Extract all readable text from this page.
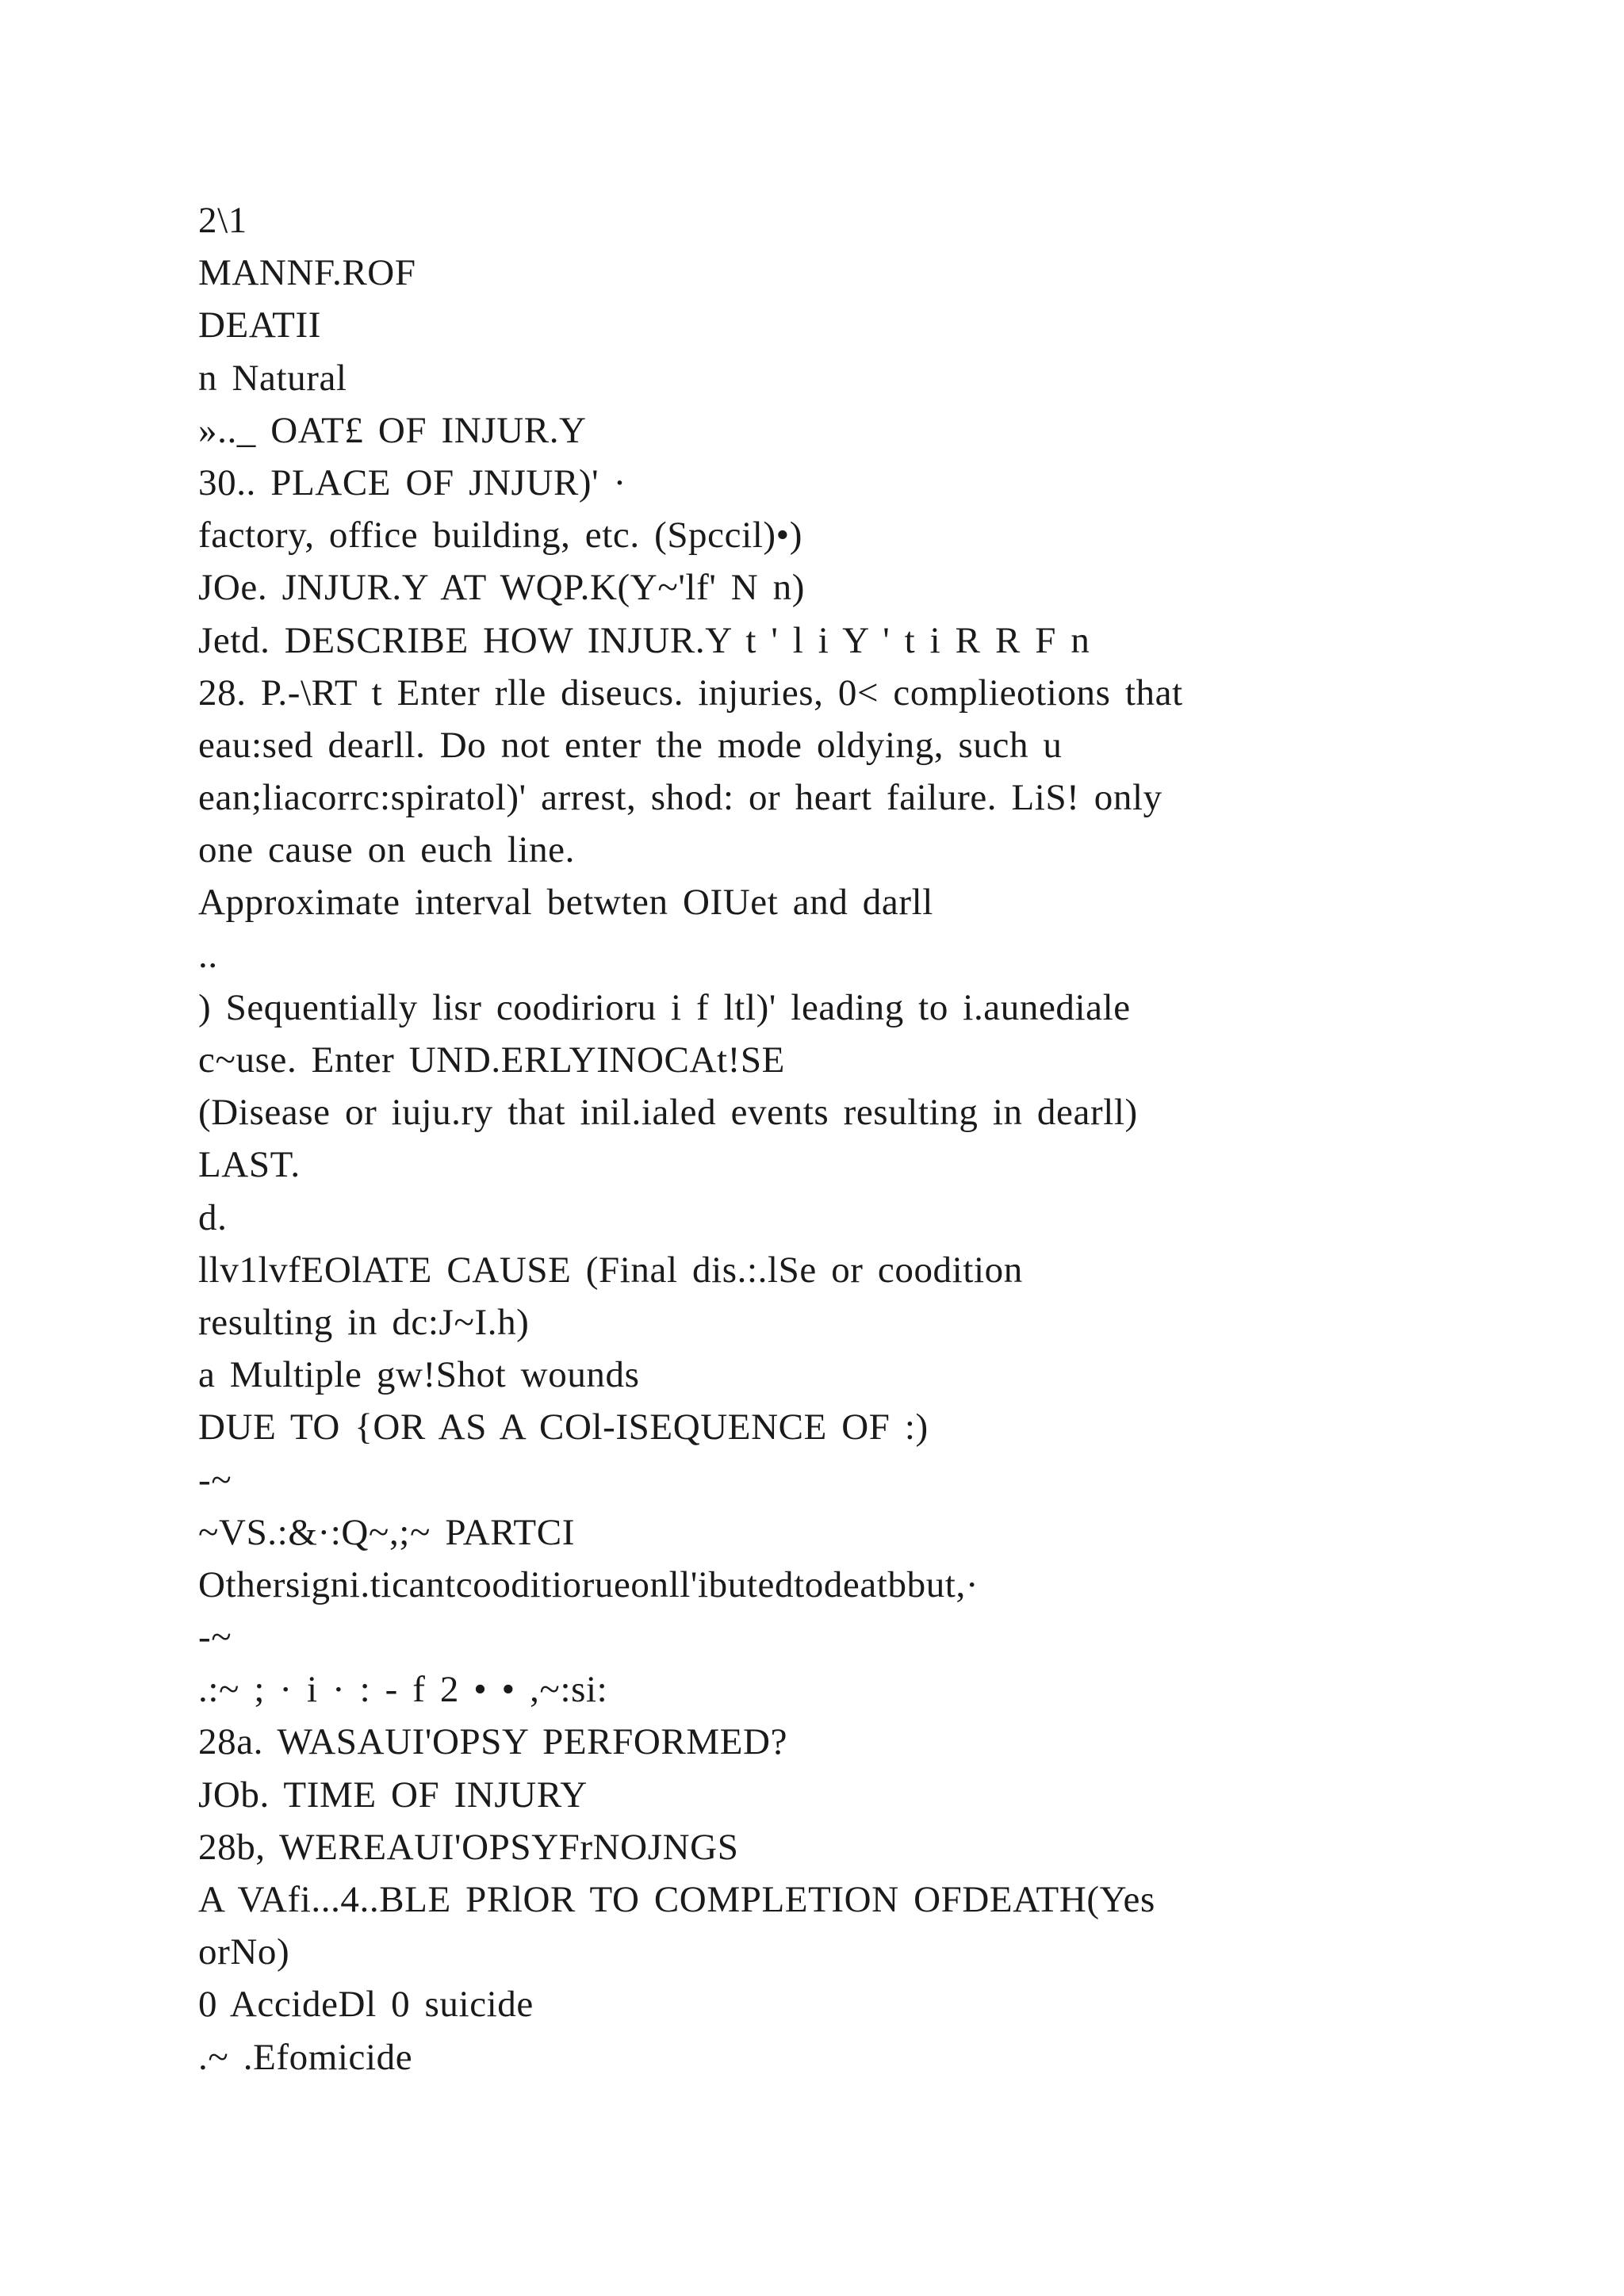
2\1
MANNF.ROF
DEATII
n Natural
».._ OAT£ OF INJUR.Y
30.. PLACE OF JNJUR)' ·
factory, office building, etc. (Spccil)•)
JOe. JNJUR.Y AT WQP.K(Y~'lf' N n)
Jetd. DESCRIBE HOW INJUR.Y t ' l i Y ' t i R R F n
28. P.-\RT t Enter rlle diseucs. injuries, 0< complieotions that
eau:sed dearll. Do not enter the mode oldying, such u
ean;liacorrc:spiratol)' arrest, shod: or heart failure. LiS! only
one cause on euch line.
Approximate interval betwten OIUet and darll
..
) Sequentially lisr coodirioru i f ltl)' leading to i.aunediale
c~use. Enter UND.ERLYINOCAt!SE
(Disease or iuju.ry that inil.ialed events resulting in dearll)
LAST.
d.
llv1lvfEOlATE CAUSE (Final dis.:.lSe or coodition
resulting in dc:J~I.h)
a Multiple gw!Shot wounds
DUE TO {OR AS A COl-ISEQUENCE OF :)
-~
~VS.:&·:Q~,;~ PARTCI
Othersigni.ticantcooditiorueonll'ibutedtodeatbbut,·
-~
.:~ ; · i · : - f 2 • • ,~:si:
28a. WASAUI'OPSY PERFORMED?
JOb. TIME OF INJURY
28b, WEREAUI'OPSYFrNOJNGS
A VAfi...4..BLE PRlOR TO COMPLETION OFDEATH(Yes
orNo)
0 AccideDl 0 suicide
.~ .Efomicide
